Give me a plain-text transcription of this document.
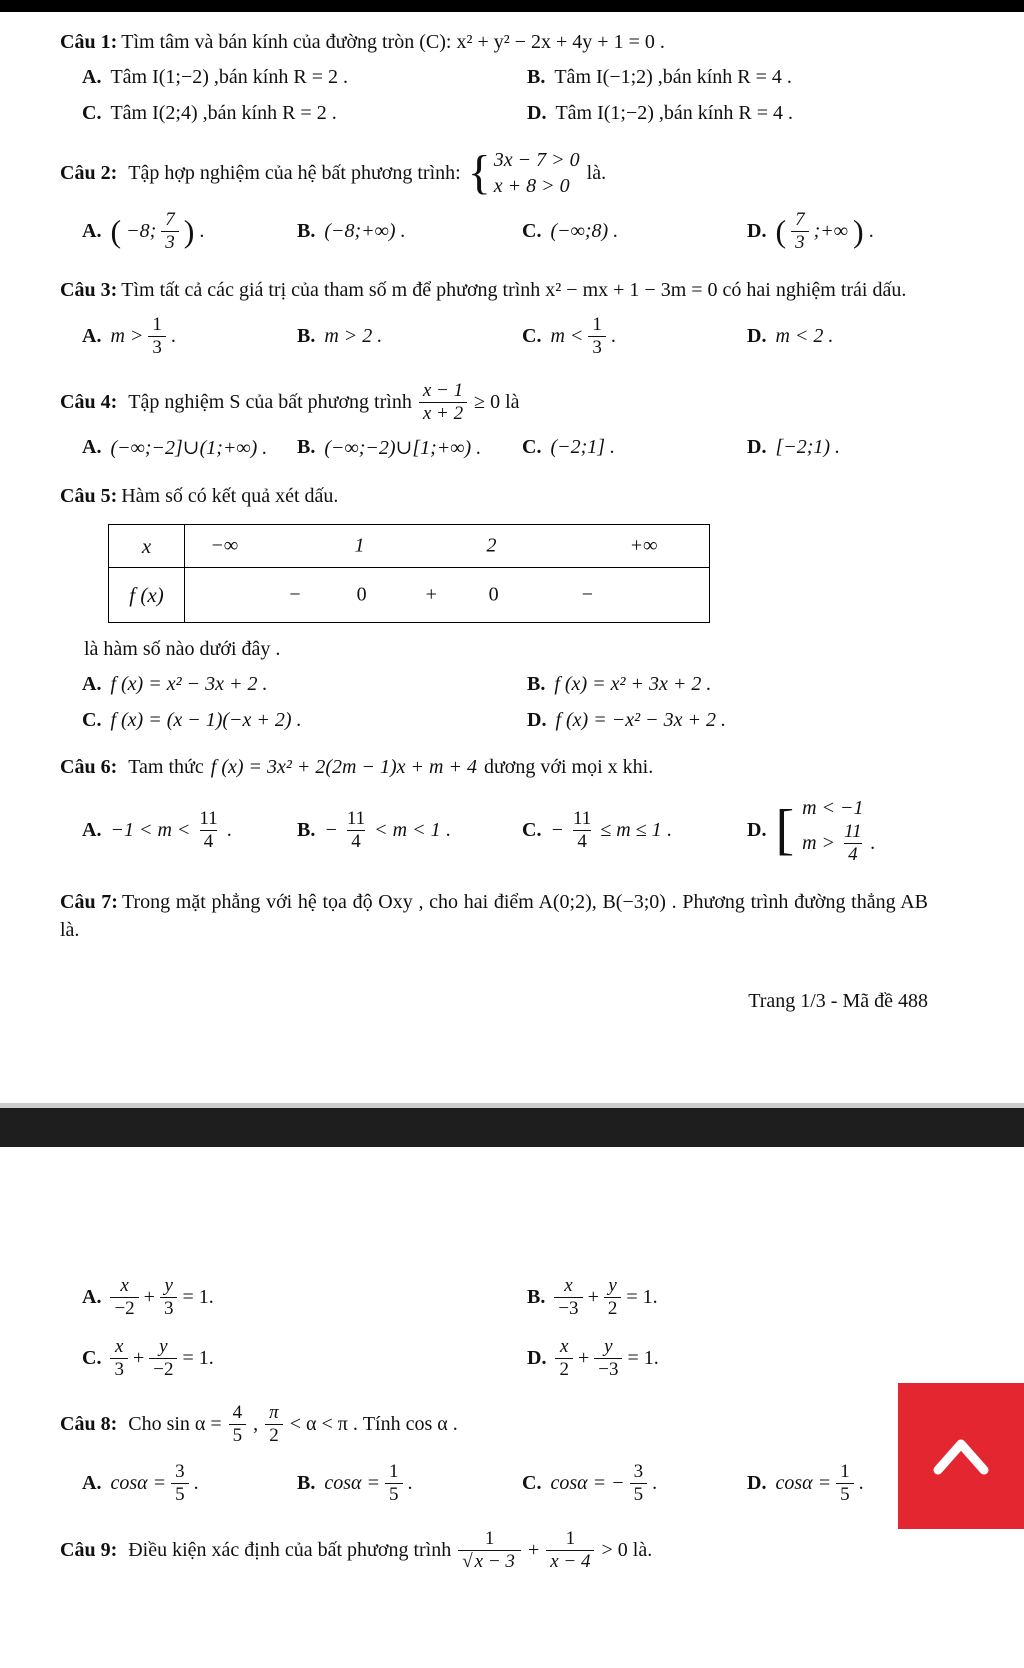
Câu 1: Tìm tâm và bán kính của đường tròn (C): x² + y² − 2x + 4y + 1 = 0 .

A. Tâm I(1;−2) ,bán kính R = 2 .	B. Tâm I(−1;2) ,bán kính R = 4 .
C. Tâm I(2;4) ,bán kính R = 2 .	D. Tâm I(1;−2) ,bán kính R = 4 .
Câu 2: Tập hợp nghiệm của hệ bất phương trình: { 3x − 7 > 0
x + 8 > 0
là.
A. ( −8; $\frac{7}{3}$ ) .	B. (−8;+∞) .	C. (−∞;8) .	D. ( $\frac{7}{3}$ ;+∞ ) .

Câu 3: Tìm tất cả các giá trị của tham số m để phương trình x² − mx + 1 − 3m = 0 có hai nghiệm trái dấu.

A. $m > \frac{1}{3}$ .	B. m > 2 .	C. $m < \frac{1}{3}$ .	D. m < 2 .
Câu 4: Tập nghiệm S của bất phương trình $\frac{x - 1}{x + 2} \ge 0$ là
A. (−∞;−2]∪(1;+∞) . B. (−∞;−2)∪[1;+∞) . C. (−2;1] .	D. [−2;1) .

Câu 5: Hàm số có kết quả xét dấu.

x	−∞ 1 2 +∞

f (x)	− 0 + 0 −

là hàm số nào dưới đây .

A. f (x) = x² − 3x + 2 .	B. f (x) = x² + 3x + 2 .
C. f (x) = (x − 1)(−x + 2) .	D. f (x) = −x² − 3x + 2 .
Câu 6: Tam thức f (x) = 3x² + 2(2m − 1)x + m + 4 dương với mọi x khi.
A. $-1 < m < \frac{11}{4}$ .	B. − $\frac{11}{4} < m < 1$ .	C. − $\frac{11}{4} \le m \le 1$ .	D. [ m < −1
$m > \frac{11}{4}$ .

Câu 7: Trong mặt phẳng với hệ tọa độ Oxy , cho hai điểm A(0;2), B(−3;0) . Phương trình đường thẳng AB là.

Trang 1/3 - Mã đề 488
A. $\frac{x}{-2} + \frac{y}{3} = 1$.	B. $\frac{x}{-3} + \frac{y}{2} = 1$.
C. $\frac{x}{3} + \frac{y}{-2} = 1$.	D. $\frac{x}{2} + \frac{y}{-3} = 1$.
Câu 8: Cho $\sin \alpha = \frac{4}{5}$ , $\frac{\pi}{2} < \alpha < \pi$ . Tính cos α .
A. $\cos\alpha = \frac{3}{5}$ .	B. $\cos\alpha = \frac{1}{5}$ .	C. cosα = − $\frac{3}{5}$ .	D. $\cos\alpha = \frac{1}{5}$ .
Câu 9: Điều kiện xác định của bất phương trình $\frac{1}{√ x - 3} + \frac{1}{x - 4} > 0$ là.
